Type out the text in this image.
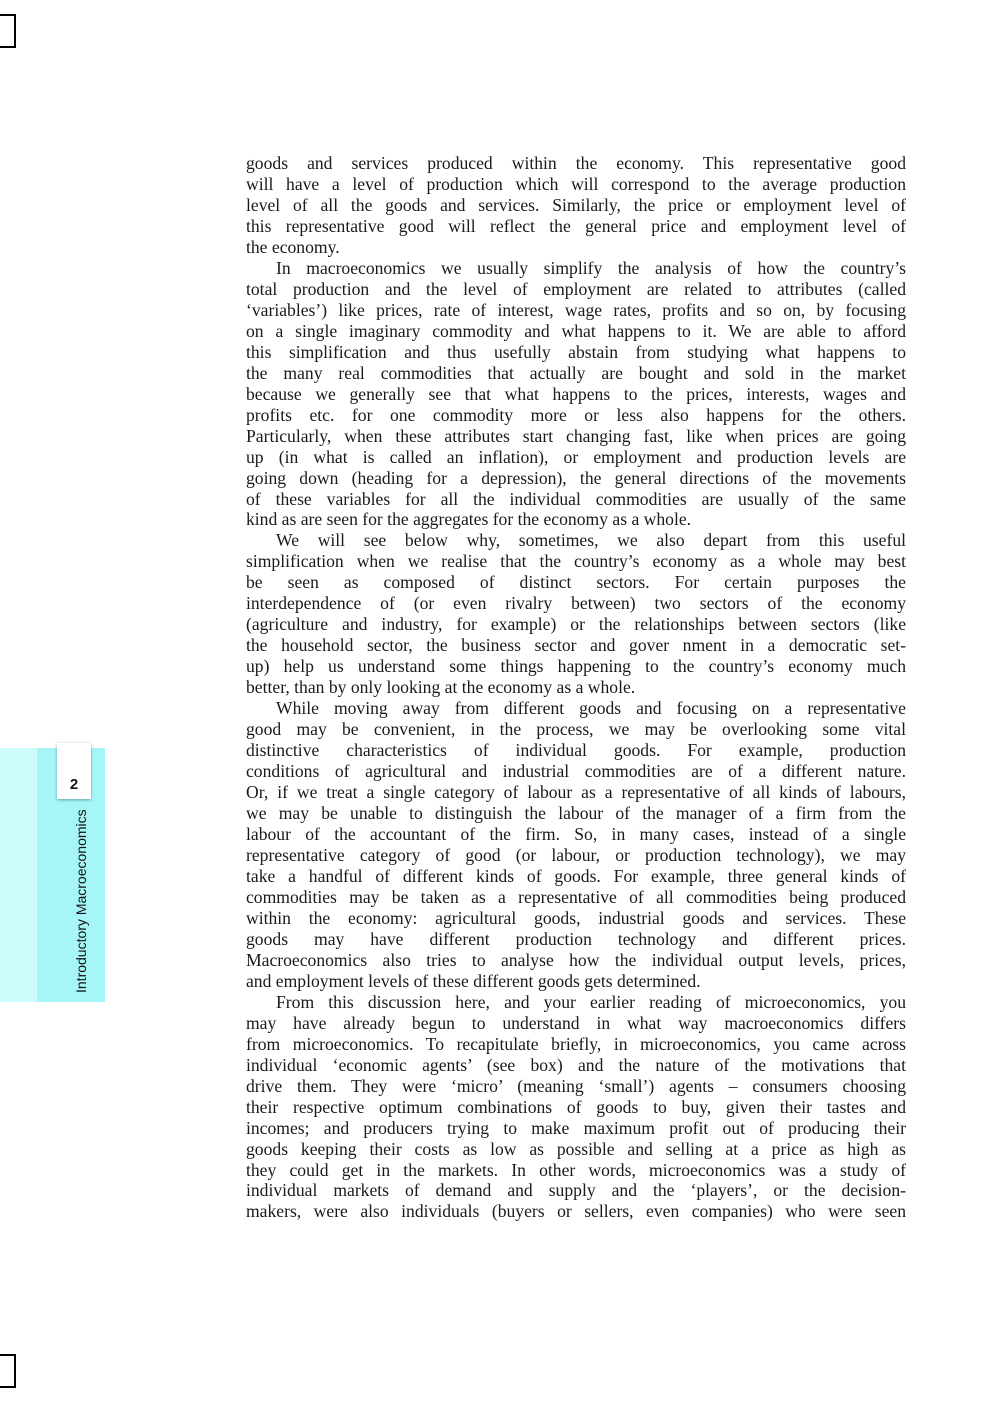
2
Introductory Macroeconomics
goods and services produced within the economy. This representative good
will have a level of production which will correspond to the average production
level of all the goods and services. Similarly, the price or employment level of
this representative good will reflect the general price and employment level of
the economy.
In macroeconomics we usually simplify the analysis of how the country’s
total production and the level of employment are related to attributes (called
‘variables’) like prices, rate of interest, wage rates, profits and so on, by focusing
on a single imaginary commodity and what happens to it. We are able to afford
this simplification and thus usefully abstain from studying what happens to
the many real commodities that actually are bought and sold in the market
because we generally see that what happens to the prices, interests, wages and
profits etc. for one commodity more or less also happens for the others.
Particularly, when these attributes start changing fast, like when prices are going
up (in what is called an inflation), or employment and production levels are
going down (heading for a depression), the general directions of the movements
of these variables for all the individual commodities are usually of the same
kind as are seen for the aggregates for the economy as a whole.
We will see below why, sometimes, we also depart from this useful
simplification when we realise that the country’s economy as a whole may best
be seen as composed of distinct sectors. For certain purposes the
interdependence of (or even rivalry between) two sectors of the economy
(agriculture and industry, for example) or the relationships between sectors (like
the household sector, the business sector and gover nment in a democratic set-
up) help us understand some things happening to the country’s economy much
better, than by only looking at the economy as a whole.
While moving away from different goods and focusing on a representative
good may be convenient, in the process, we may be overlooking some vital
distinctive characteristics of individual goods. For example, production
conditions of agricultural and industrial commodities are of a different nature.
Or, if we treat a single category of labour as a representative of all kinds of labours,
we may be unable to distinguish the labour of the manager of a firm from the
labour of the accountant of the firm. So, in many cases, instead of a single
representative category of good (or labour, or production technology), we may
take a handful of different kinds of goods. For example, three general kinds of
commodities may be taken as a representative of all commodities being produced
within the economy: agricultural goods, industrial goods and services. These
goods may have different production technology and different prices.
Macroeconomics also tries to analyse how the individual output levels, prices,
and employment levels of these different goods gets determined.
From this discussion here, and your earlier reading of microeconomics, you
may have already begun to understand in what way macroeconomics differs
from microeconomics. To recapitulate briefly, in microeconomics, you came across
individual ‘economic agents’ (see box) and the nature of the motivations that
drive them. They were ‘micro’ (meaning ‘small’) agents – consumers choosing
their respective optimum combinations of goods to buy, given their tastes and
incomes; and producers trying to make maximum profit out of producing their
goods keeping their costs as low as possible and selling at a price as high as
they could get in the markets. In other words, microeconomics was a study of
individual markets of demand and supply and the ‘players’, or the decision-
makers, were also individuals (buyers or sellers, even companies) who were seen
